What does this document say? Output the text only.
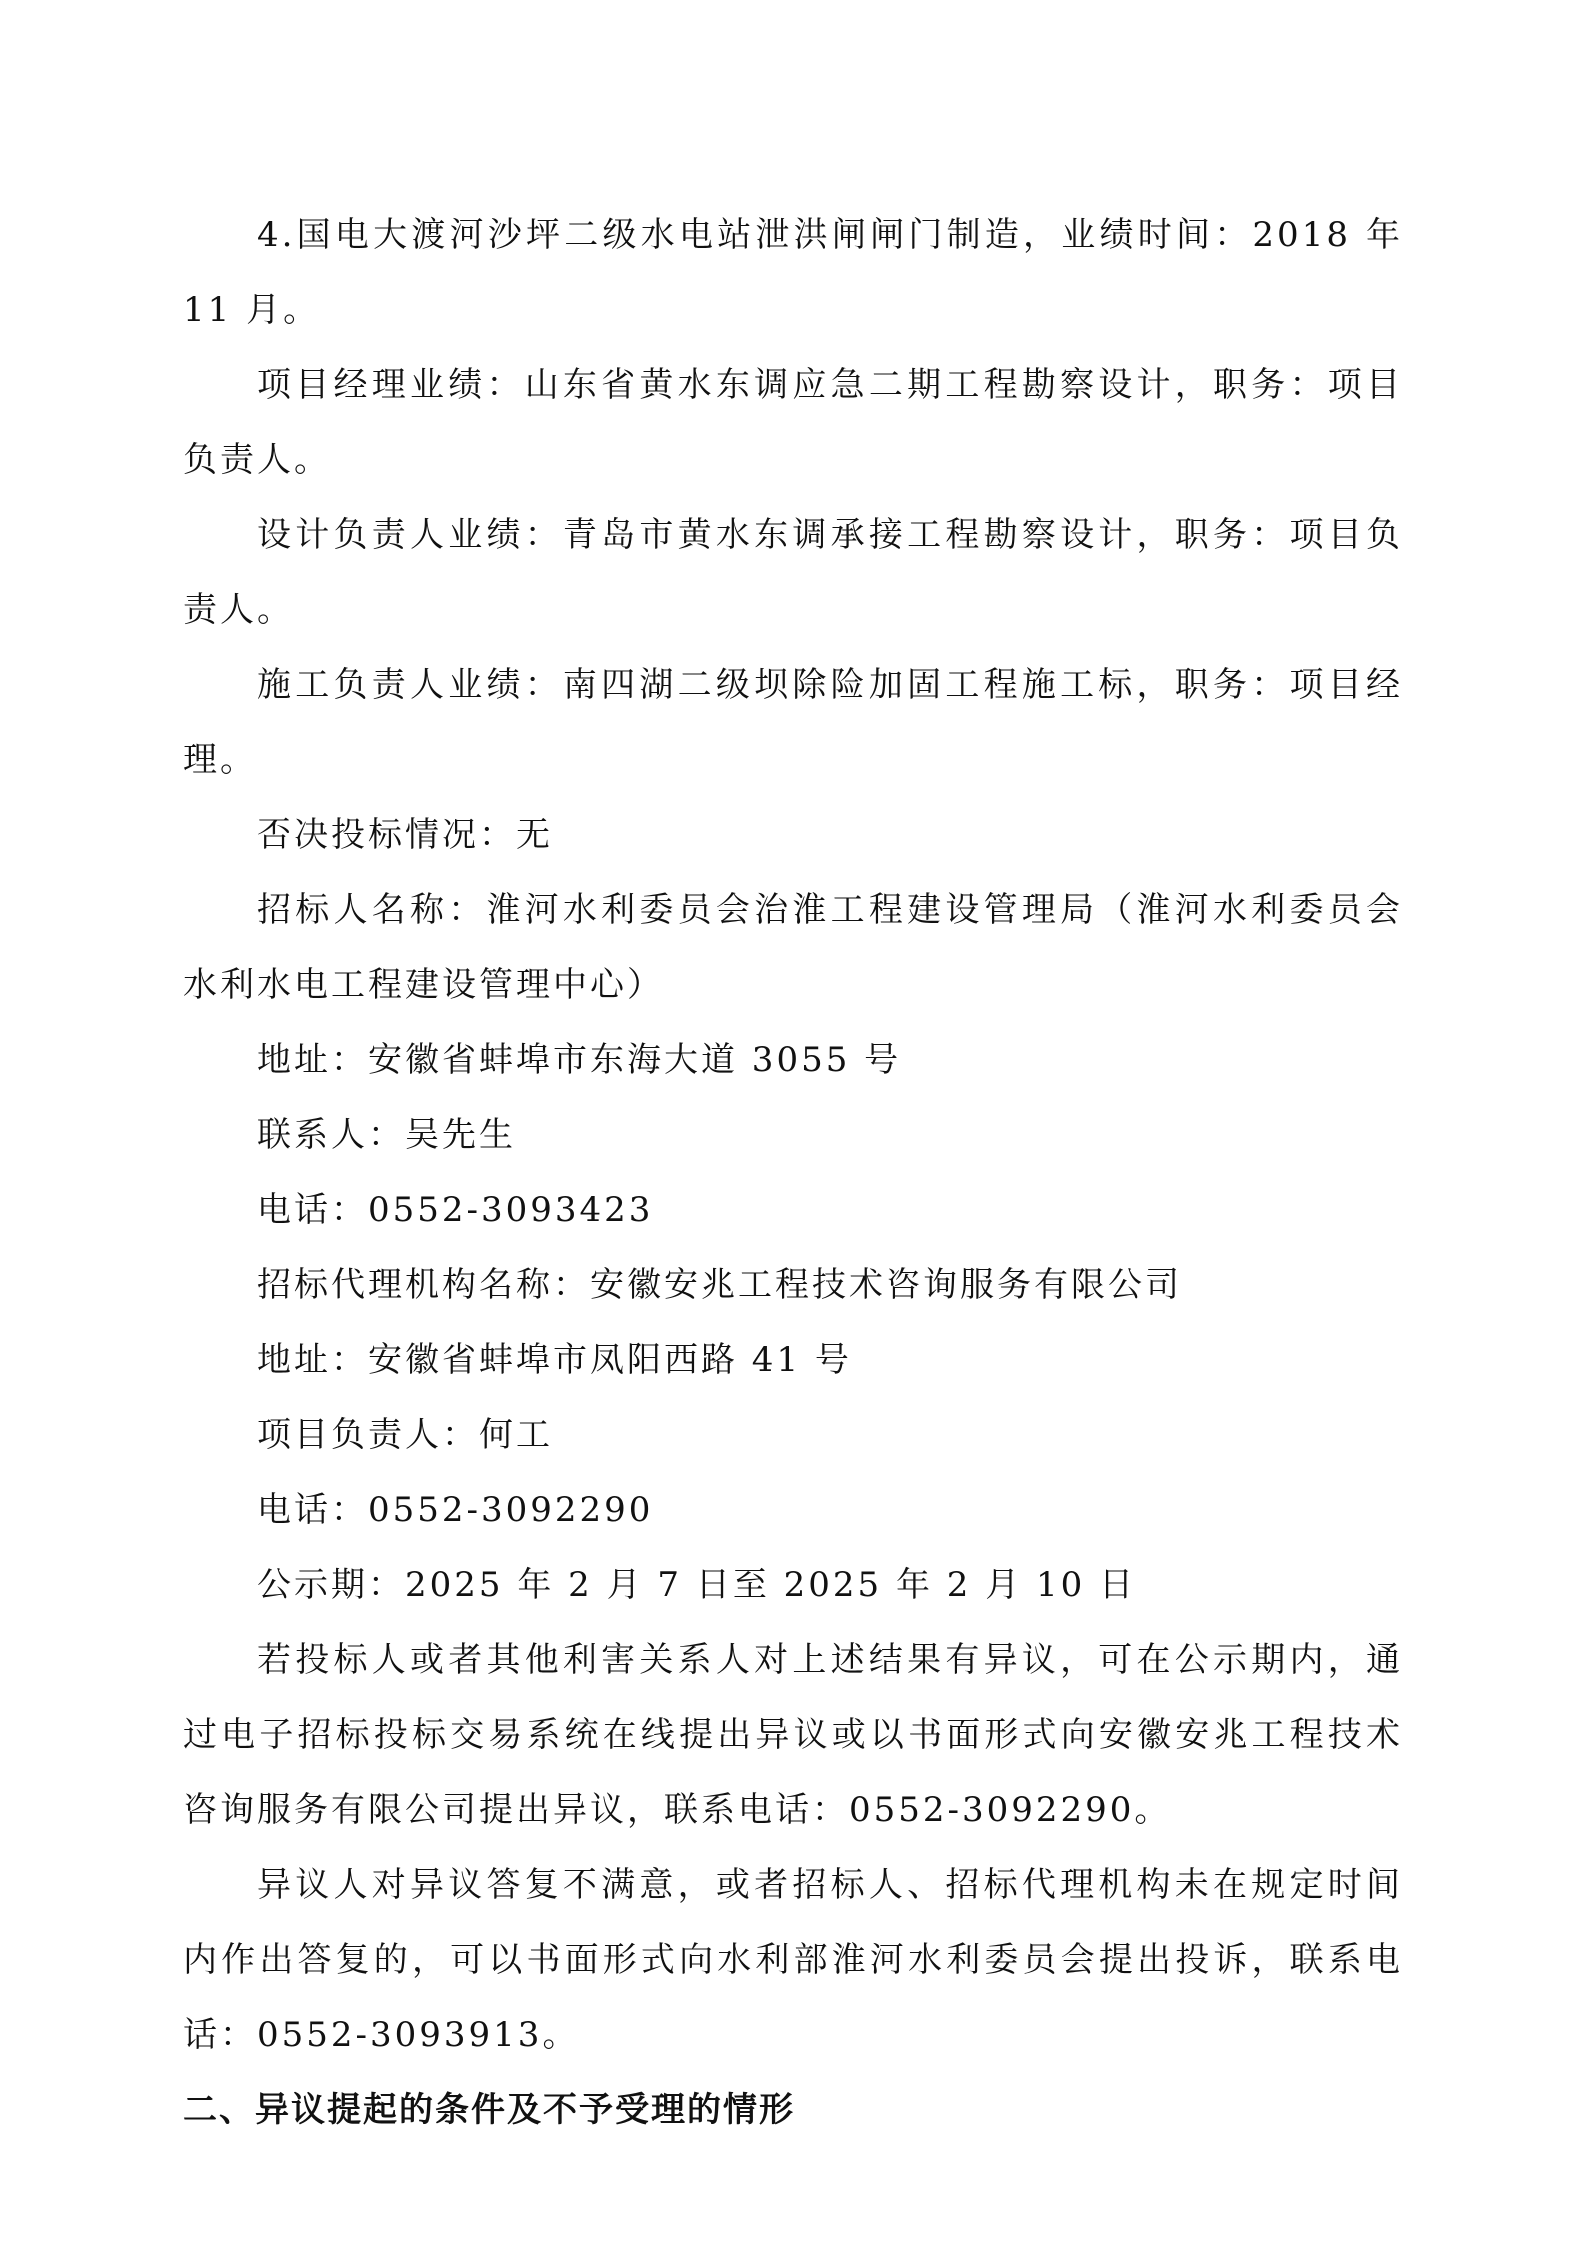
4.国电大渡河沙坪二级水电站泄洪闸闸门制造，业绩时间：2018 年 11 月。

项目经理业绩：山东省黄水东调应急二期工程勘察设计，职务：项目负责人。

设计负责人业绩：青岛市黄水东调承接工程勘察设计，职务：项目负责人。

施工负责人业绩：南四湖二级坝除险加固工程施工标，职务：项目经理。

否决投标情况：无

招标人名称：淮河水利委员会治淮工程建设管理局（淮河水利委员会水利水电工程建设管理中心）

地址：安徽省蚌埠市东海大道 3055 号

联系人：吴先生

电话：0552-3093423

招标代理机构名称：安徽安兆工程技术咨询服务有限公司

地址：安徽省蚌埠市凤阳西路 41 号

项目负责人：何工

电话：0552-3092290

公示期：2025 年 2 月 7 日至 2025 年 2 月 10 日

若投标人或者其他利害关系人对上述结果有异议，可在公示期内，通过电子招标投标交易系统在线提出异议或以书面形式向安徽安兆工程技术咨询服务有限公司提出异议，联系电话：0552-3092290。

异议人对异议答复不满意，或者招标人、招标代理机构未在规定时间内作出答复的，可以书面形式向水利部淮河水利委员会提出投诉，联系电话：0552-3093913。

二、异议提起的条件及不予受理的情形
